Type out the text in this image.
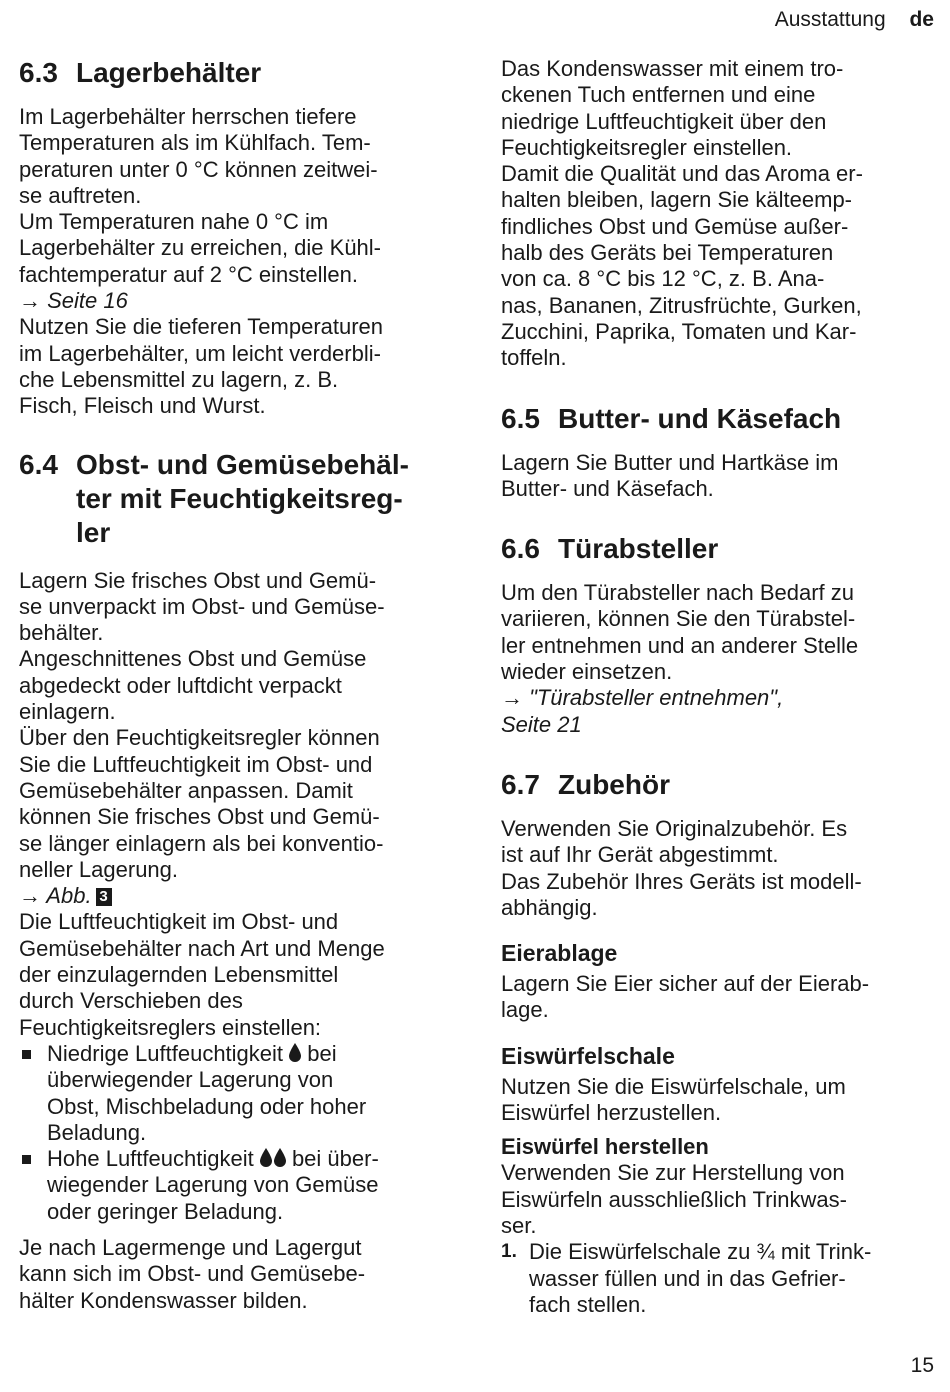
Ausstattung de
6.3 Lagerbehälter

Im Lagerbehälter herrschen tiefere
Temperaturen als im Kühlfach. Tem-
peraturen unter 0 °C können zeitwei-
se auftreten.
Um Temperaturen nahe 0 °C im
Lagerbehälter zu erreichen, die Kühl-
fachtemperatur auf 2 °C einstellen.
→ Seite 16
Nutzen Sie die tieferen Temperaturen
im Lagerbehälter, um leicht verderbli-
che Lebensmittel zu lagern, z. B.
Fisch, Fleisch und Wurst.

6.4 Obst- und Gemüsebehäl-
ter mit Feuchtigkeitsreg-
ler

Lagern Sie frisches Obst und Gemü-
se unverpackt im Obst- und Gemüse-
behälter.
Angeschnittenes Obst und Gemüse
abgedeckt oder luftdicht verpackt
einlagern.
Über den Feuchtigkeitsregler können
Sie die Luftfeuchtigkeit im Obst- und
Gemüsebehälter anpassen. Damit
können Sie frisches Obst und Gemü-
se länger einlagern als bei konventio-
neller Lagerung.
→ Abb. 3
Die Luftfeuchtigkeit im Obst- und
Gemüsebehälter nach Art und Menge
der einzulagernden Lebensmittel
durch Verschieben des
Feuchtigkeitsreglers einstellen:

Niedrige Luftfeuchtigkeit  bei
überwiegender Lagerung von
Obst, Mischbeladung oder hoher
Beladung.
Hohe Luftfeuchtigkeit  bei über-
wiegender Lagerung von Gemüse
oder geringer Beladung.

Je nach Lagermenge und Lagergut
kann sich im Obst- und Gemüsebe-
hälter Kondenswasser bilden.

Das Kondenswasser mit einem tro-
ckenen Tuch entfernen und eine
niedrige Luftfeuchtigkeit über den
Feuchtigkeitsregler einstellen.
Damit die Qualität und das Aroma er-
halten bleiben, lagern Sie kälteemp-
findliches Obst und Gemüse außer-
halb des Geräts bei Temperaturen
von ca. 8 °C bis 12 °C, z. B. Ana-
nas, Bananen, Zitrusfrüchte, Gurken,
Zucchini, Paprika, Tomaten und Kar-
toffeln.

6.5 Butter- und Käsefach

Lagern Sie Butter und Hartkäse im
Butter- und Käsefach.

6.6 Türabsteller

Um den Türabsteller nach Bedarf zu
variieren, können Sie den Türabstel-
ler entnehmen und an anderer Stelle
wieder einsetzen.
→ "Türabsteller entnehmen",
Seite 21

6.7 Zubehör

Verwenden Sie Originalzubehör. Es
ist auf Ihr Gerät abgestimmt.
Das Zubehör Ihres Geräts ist modell-
abhängig.

Eierablage

Lagern Sie Eier sicher auf der Eierab-
lage.

Eiswürfelschale

Nutzen Sie die Eiswürfelschale, um
Eiswürfel herzustellen.

Eiswürfel herstellen

Verwenden Sie zur Herstellung von
Eiswürfeln ausschließlich Trinkwas-
ser.

1. Die Eiswürfelschale zu ¾ mit Trink-
wasser füllen und in das Gefrier-
fach stellen.
15
